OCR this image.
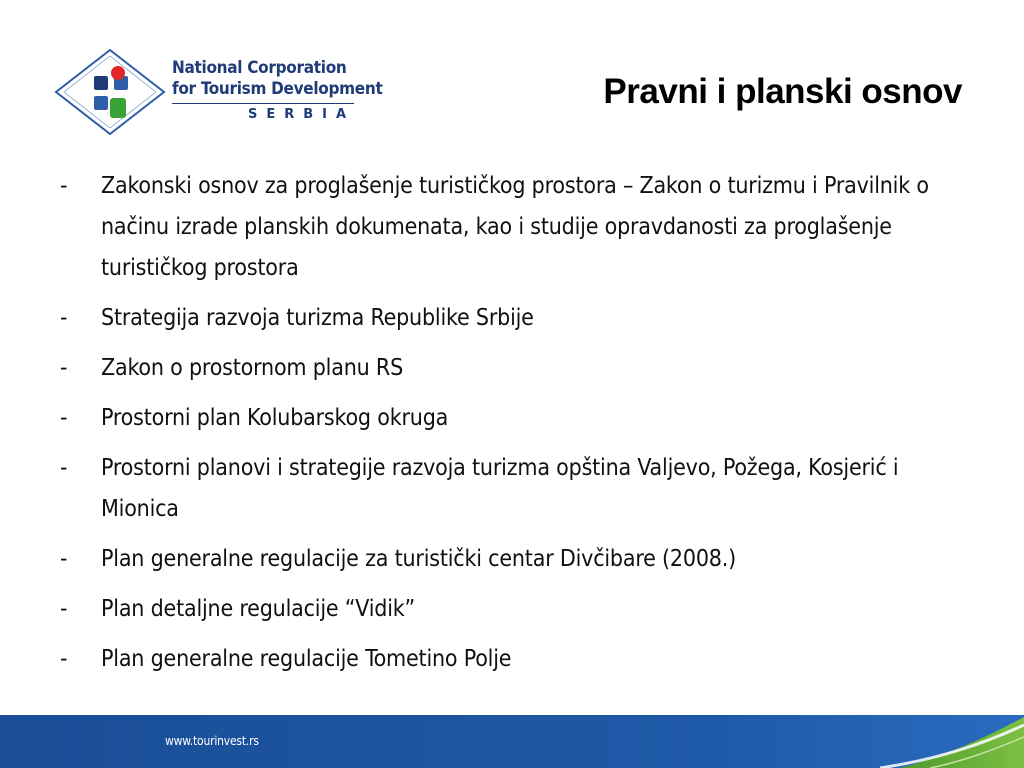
National Corporation
for Tourism Development
SERBIA
Pravni i planski osnov
- Zakonski osnov za proglašenje turističkog prostora – Zakon o turizmu i Pravilnik o načinu izrade planskih dokumenata, kao i studije opravdanosti za proglašenje turističkog prostora
- Strategija razvoja turizma Republike Srbije
- Zakon o prostornom planu RS
- Prostorni plan Kolubarskog okruga
- Prostorni planovi i strategije razvoja turizma opština Valjevo, Požega, Kosjerić i Mionica
- Plan generalne regulacije za turistički centar Divčibare (2008.)
- Plan detaljne regulacije “Vidik”
- Plan generalne regulacije Tometino Polje
www.tourinvest.rs
